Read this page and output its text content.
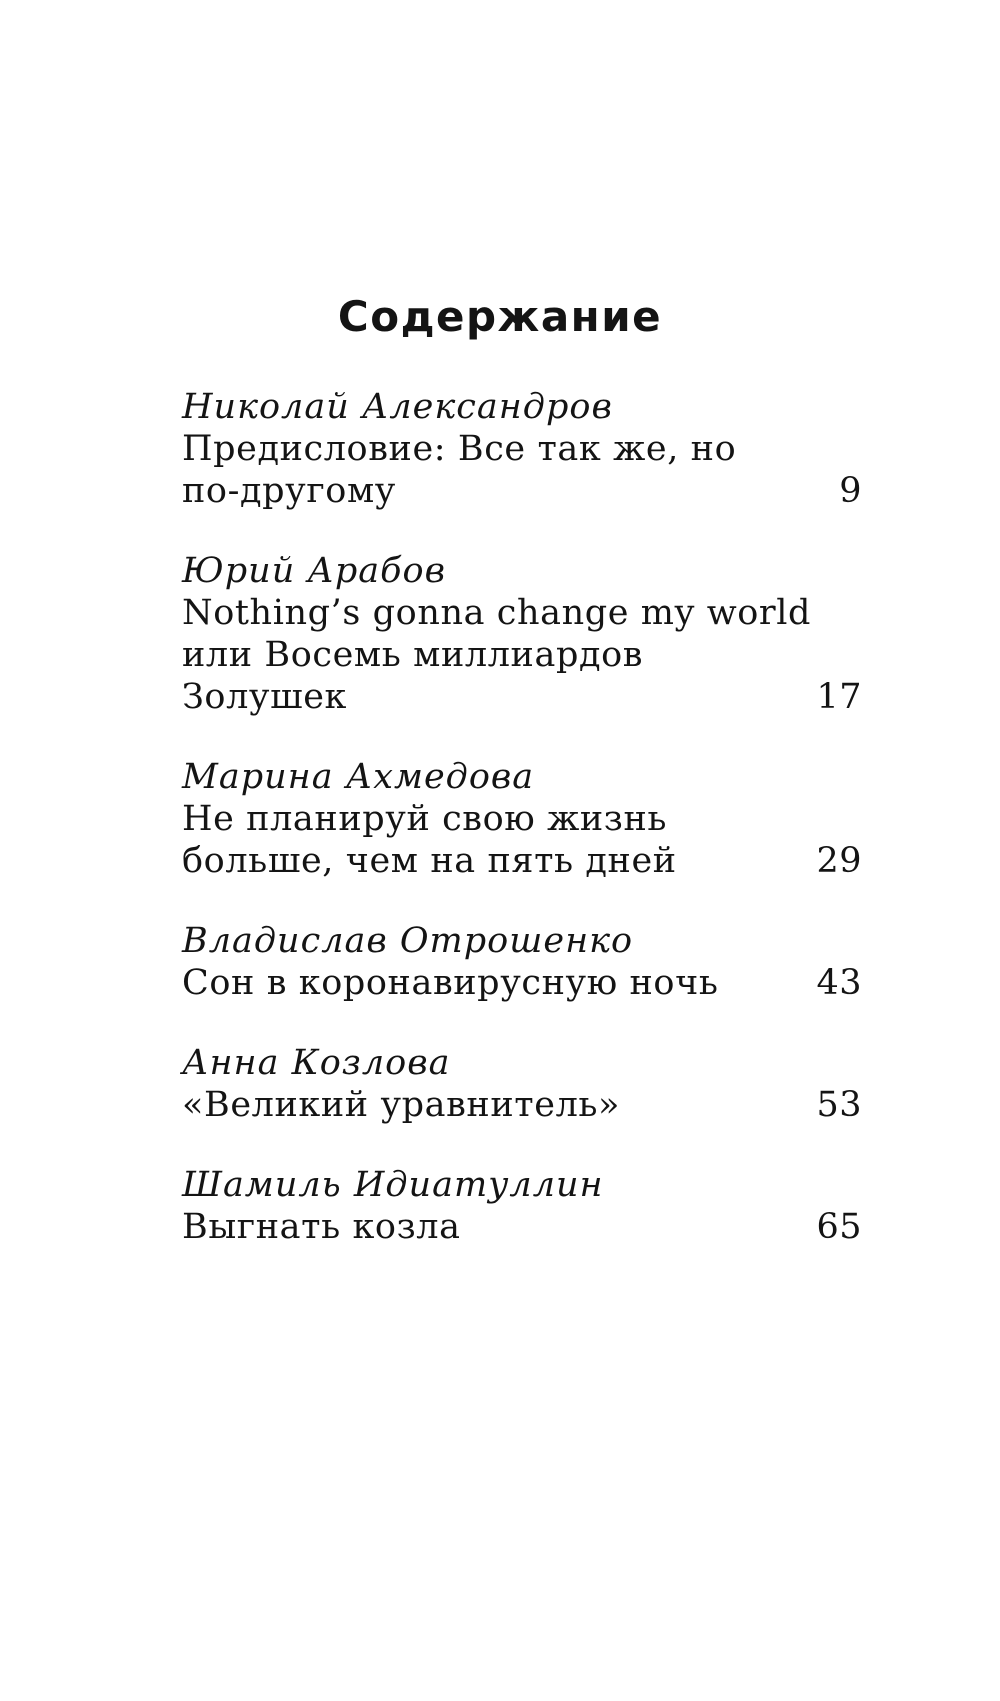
Содержание
Николай Александров
Предисловие: Все так же, но
по-другому	9
Юрий Арабов
Nothing’s gonna change my world
или Восемь миллиардов
Золушек	17
Марина Ахмедова
Не планируй свою жизнь
больше, чем на пять дней	29
Владислав Отрошенко
Сон в коронавирусную ночь	43
Анна Козлова
«Великий уравнитель»	53
Шамиль Идиатуллин
Выгнать козла	65
